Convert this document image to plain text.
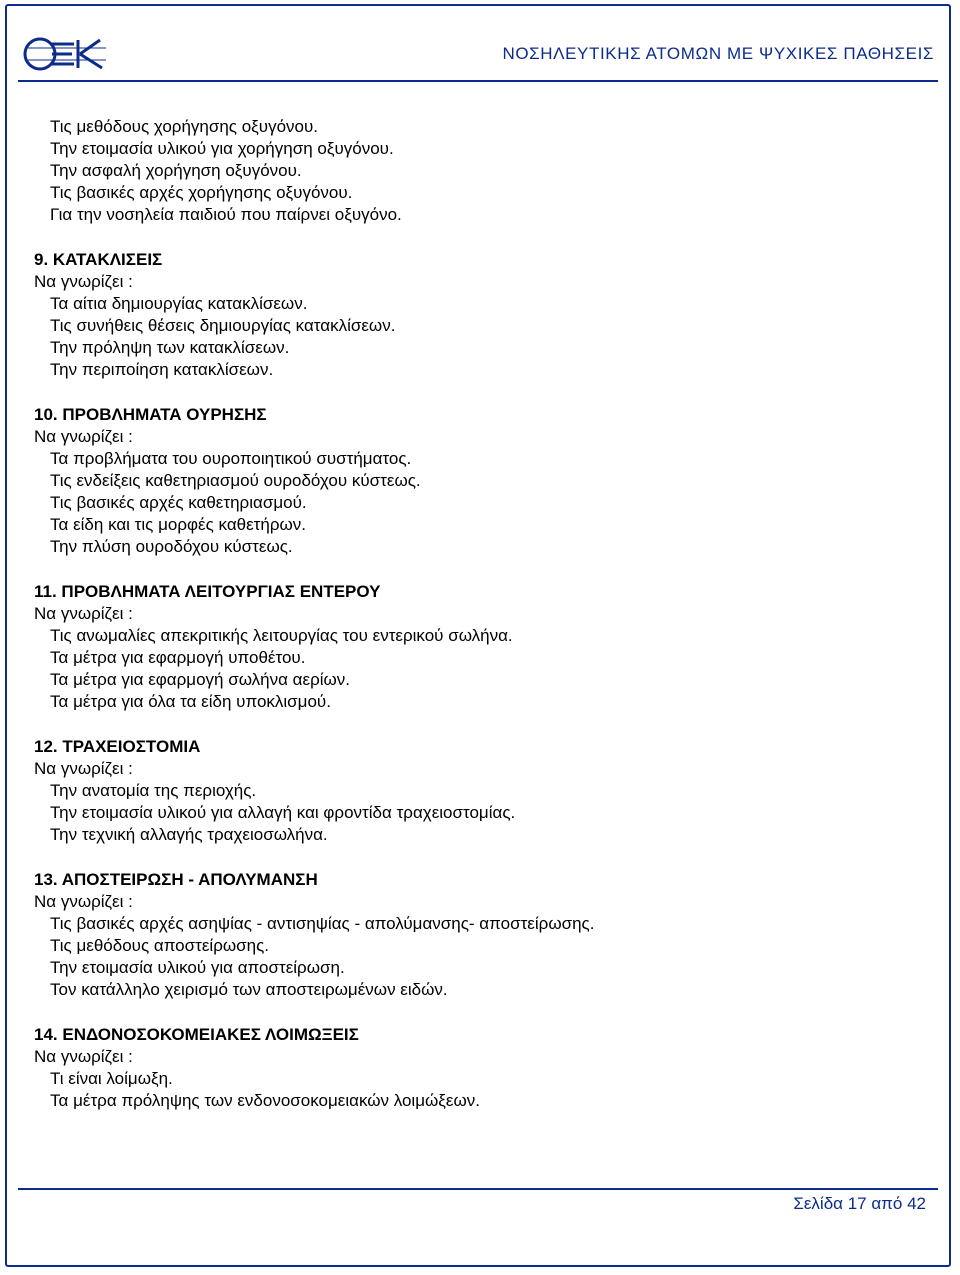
ΝΟΣΗΛΕΥΤΙΚΗΣ ΑΤΟΜΩΝ ΜΕ ΨΥΧΙΚΕΣ ΠΑΘΗΣΕΙΣ
Τις μεθόδους χορήγησης οξυγόνου.
Την ετοιμασία υλικού για χορήγηση οξυγόνου.
Την ασφαλή χορήγηση οξυγόνου.
Τις βασικές αρχές χορήγησης οξυγόνου.
Για την νοσηλεία παιδιού που παίρνει οξυγόνο.
9. ΚΑΤΑΚΛΙΣΕΙΣ
Να γνωρίζει :
Τα αίτια δημιουργίας κατακλίσεων.
Τις συνήθεις θέσεις δημιουργίας κατακλίσεων.
Την πρόληψη των κατακλίσεων.
Την περιποίηση κατακλίσεων.
10. ΠΡΟΒΛΗΜΑΤΑ ΟΥΡΗΣΗΣ
Να γνωρίζει :
Τα προβλήματα του ουροποιητικού συστήματος.
Τις ενδείξεις καθετηριασμού ουροδόχου κύστεως.
Τις βασικές αρχές καθετηριασμού.
Τα είδη και τις μορφές καθετήρων.
Την πλύση ουροδόχου κύστεως.
11. ΠΡΟΒΛΗΜΑΤΑ ΛΕΙΤΟΥΡΓΙΑΣ ΕΝΤΕΡΟΥ
Να γνωρίζει :
Τις ανωμαλίες απεκριτικής λειτουργίας του εντερικού σωλήνα.
Τα μέτρα για εφαρμογή υποθέτου.
Τα μέτρα για εφαρμογή σωλήνα αερίων.
Τα μέτρα για όλα τα είδη υποκλισμού.
12. ΤΡΑΧΕΙΟΣΤΟΜΙΑ
Να γνωρίζει :
Την ανατομία της περιοχής.
Την ετοιμασία υλικού για αλλαγή και φροντίδα τραχειοστομίας.
Την τεχνική αλλαγής τραχειοσωλήνα.
13. ΑΠΟΣΤΕΙΡΩΣΗ - ΑΠΟΛΥΜΑΝΣΗ
Να γνωρίζει :
Τις βασικές αρχές ασηψίας - αντισηψίας - απολύμανσης- αποστείρωσης.
Τις μεθόδους αποστείρωσης.
Την ετοιμασία υλικού για αποστείρωση.
Τον κατάλληλο χειρισμό των αποστειρωμένων ειδών.
14. ΕΝΔΟΝΟΣΟΚΟΜΕΙΑΚΕΣ ΛΟΙΜΩΞΕΙΣ
Να γνωρίζει :
Τι είναι λοίμωξη.
Τα μέτρα πρόληψης των ενδονοσοκομειακών λοιμώξεων.
Σελίδα 17 από 42
